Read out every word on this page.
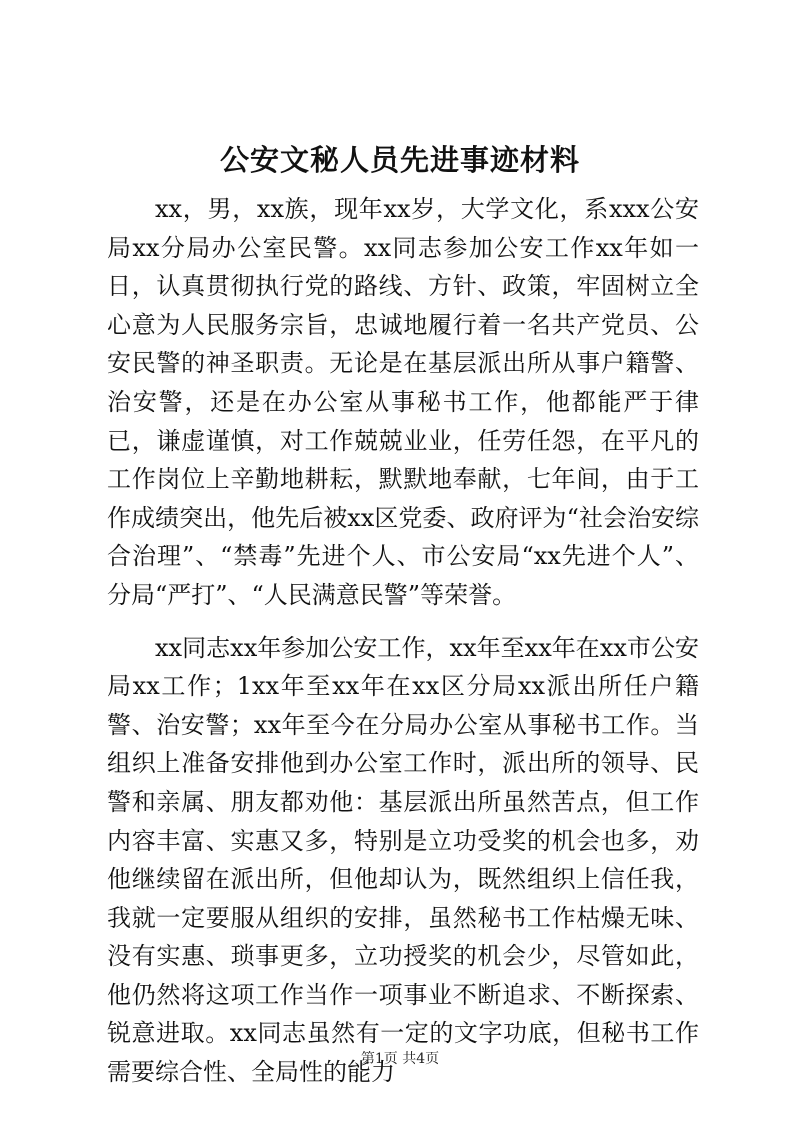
公安文秘人员先进事迹材料

xx，男，xx族，现年xx岁，大学文化，系xxx公安局xx分局办公室民警。xx同志参加公安工作xx年如一日，认真贯彻执行党的路线、方针、政策，牢固树立全心意为人民服务宗旨，忠诚地履行着一名共产党员、公安民警的神圣职责。无论是在基层派出所从事户籍警、治安警，还是在办公室从事秘书工作，他都能严于律已，谦虚谨慎，对工作兢兢业业，任劳任怨，在平凡的工作岗位上辛勤地耕耘，默默地奉献，七年间，由于工作成绩突出，他先后被xx区党委、政府评为“社会治安综合治理”、“禁毒”先进个人、市公安局“xx先进个人”、分局“严打”、“人民满意民警”等荣誉。

xx同志xx年参加公安工作，xx年至xx年在xx市公安局xx工作；1xx年至xx年在xx区分局xx派出所任户籍警、治安警；xx年至今在分局办公室从事秘书工作。当组织上准备安排他到办公室工作时，派出所的领导、民警和亲属、朋友都劝他：基层派出所虽然苦点，但工作内容丰富、实惠又多，特别是立功受奖的机会也多，劝他继续留在派出所，但他却认为，既然组织上信任我，我就一定要服从组织的安排，虽然秘书工作枯燥无味、没有实惠、琐事更多，立功授奖的机会少，尽管如此，他仍然将这项工作当作一项事业不断追求、不断探索、锐意进取。xx同志虽然有一定的文字功底，但秘书工作需要综合性、全局性的能力

第1页 共4页
